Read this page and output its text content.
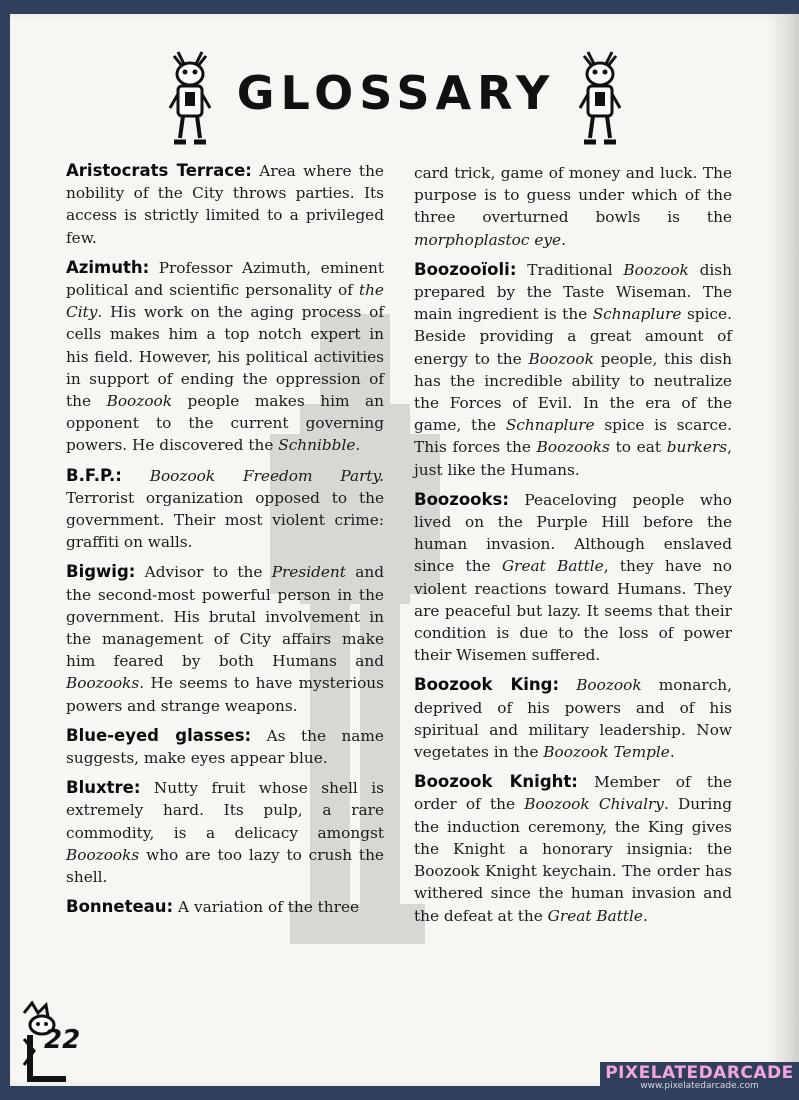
GLOSSARY

Aristocrats Terrace: Area where the nobility of the City throws parties. Its access is strictly limited to a privileged few.

Azimuth: Professor Azimuth, eminent political and scientific personality of the City. His work on the aging process of cells makes him a top notch expert in his field. However, his political activities in support of ending the oppression of the Boozook people makes him an opponent to the current governing powers. He discovered the Schnibble.

B.F.P.: Boozook Freedom Party. Terrorist organization opposed to the government. Their most violent crime: graffiti on walls.

Bigwig: Advisor to the President and the second-most powerful person in the government. His brutal involvement in the management of City affairs make him feared by both Humans and Boozooks. He seems to have mysterious powers and strange weapons.

Blue-eyed glasses: As the name suggests, make eyes appear blue.

Bluxtre: Nutty fruit whose shell is extremely hard. Its pulp, a rare commodity, is a delicacy amongst Boozooks who are too lazy to crush the shell.

Bonneteau: A variation of the three

card trick, game of money and luck. The purpose is to guess under which of the three overturned bowls is the morphoplastoc eye.

Boozooïoli: Traditional Boozook dish prepared by the Taste Wiseman. The main ingredient is the Schnaplure spice. Beside providing a great amount of energy to the Boozook people, this dish has the incredible ability to neutralize the Forces of Evil. In the era of the game, the Schnaplure spice is scarce. This forces the Boozooks to eat burkers, just like the Humans.

Boozooks: Peaceloving people who lived on the Purple Hill before the human invasion. Although enslaved since the Great Battle, they have no violent reactions toward Humans. They are peaceful but lazy. It seems that their condition is due to the loss of power their Wisemen suffered.

Boozook King: Boozook monarch, deprived of his powers and of his spiritual and military leadership. Now vegetates in the Boozook Temple.

Boozook Knight: Member of the order of the Boozook Chivalry. During the induction ceremony, the King gives the Knight a honorary insignia: the Boozook Knight keychain. The order has withered since the human invasion and the defeat at the Great Battle.

22
PIXELATEDARCADE
www.pixelatedarcade.com
